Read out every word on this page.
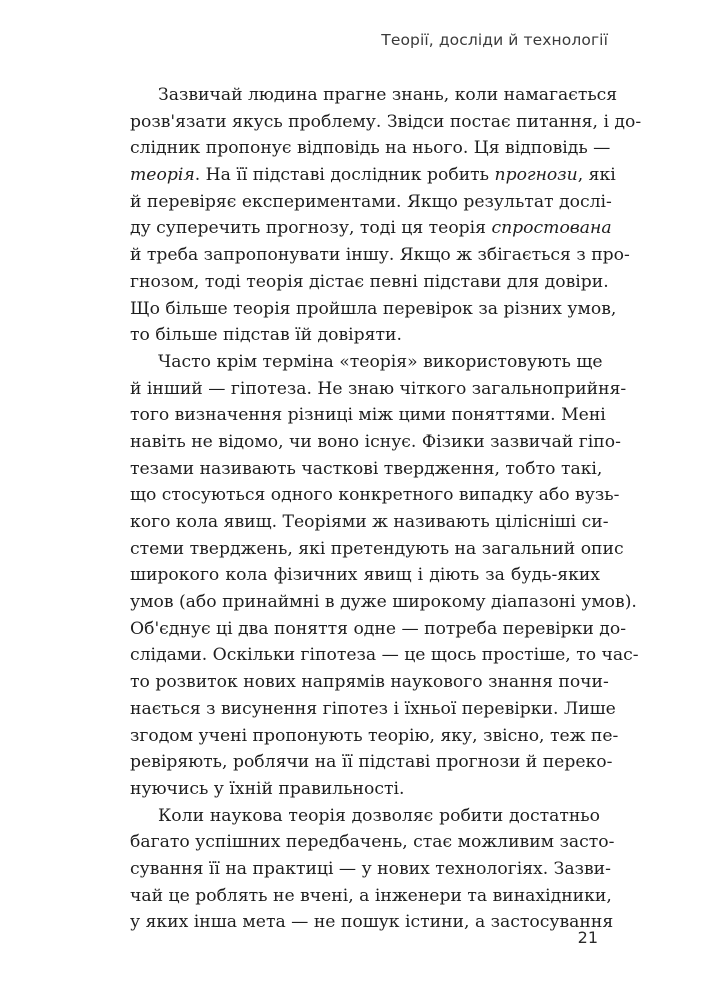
Теорії, досліди й технології
Зазвичай людина прагне знань, коли намагається
розв'язати якусь проблему. Звідси постає питання, і до-
слідник пропонує відповідь на нього. Ця відповідь —
теорія. На її підставі дослідник робить прогнози, які
й перевіряє експериментами. Якщо результат дослі-
ду суперечить прогнозу, тоді ця теорія спростована
й треба запропонувати іншу. Якщо ж збігається з про-
гнозом, тоді теорія дістає певні підстави для довіри.
Що більше теорія пройшла перевірок за різних умов,
то більше підстав їй довіряти.
Часто крім терміна «теорія» використовують ще
й інший — гіпотеза. Не знаю чіткого загальноприйня-
того визначення різниці між цими поняттями. Мені
навіть не відомо, чи воно існує. Фізики зазвичай гіпо-
тезами називають часткові твердження, тобто такі,
що стосуються одного конкретного випадку або вузь-
кого кола явищ. Теоріями ж називають цілісніші си-
стеми тверджень, які претендують на загальний опис
широкого кола фізичних явищ і діють за будь-яких
умов (або принаймні в дуже широкому діапазоні умов).
Об'єднує ці два поняття одне — потреба перевірки до-
слідами. Оскільки гіпотеза — це щось простіше, то час-
то розвиток нових напрямів наукового знання почи-
нається з висунення гіпотез і їхньої перевірки. Лише
згодом учені пропонують теорію, яку, звісно, теж пе-
ревіряють, роблячи на її підставі прогнози й переко-
нуючись у їхній правильності.
Коли наукова теорія дозволяє робити достатньо
багато успішних передбачень, стає можливим засто-
сування її на практиці — у нових технологіях. Зазви-
чай це роблять не вчені, а інженери та винахідники,
у яких інша мета — не пошук істини, а застосування
21
